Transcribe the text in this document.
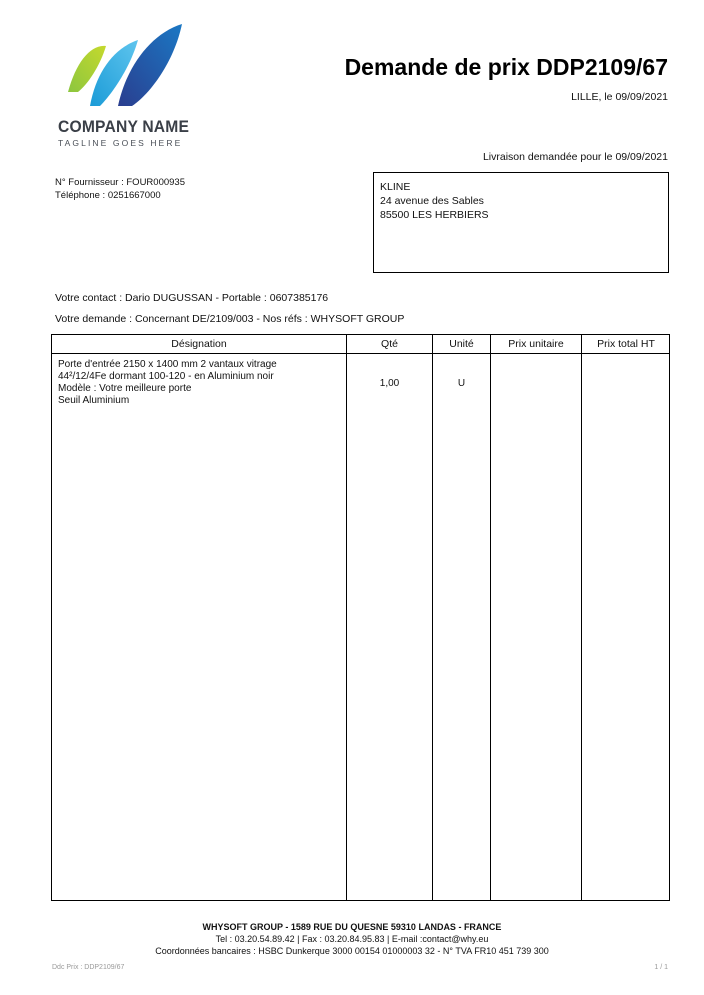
COMPANY NAME
TAGLINE GOES HERE
Demande de prix DDP2109/67
LILLE, le 09/09/2021
Livraison demandée pour le 09/09/2021
N° Fournisseur : FOUR000935
Téléphone : 0251667000
KLINE
24 avenue des Sables
85500 LES HERBIERS
Votre contact : Dario DUGUSSAN - Portable : 0607385176
Votre demande : Concernant DE/2109/003 - Nos réfs : WHYSOFT GROUP
Désignation	Qté	Unité	Prix unitaire	Prix total HT
Porte d'entrée 2150 x 1400 mm 2 vantaux vitrage
44²/12/4Fe dormant 100-120 - en Aluminium noir
Modèle : Votre meilleure porte
Seuil Aluminium
1,00	U
WHYSOFT GROUP - 1589 RUE DU QUESNE 59310 LANDAS - FRANCE
Tel : 03.20.54.89.42 | Fax : 03.20.84.95.83 | E-mail :contact@why.eu
Coordonnées bancaires : HSBC Dunkerque 3000 00154 01000003 32 - N° TVA FR10 451 739 300
Ddc Prix : DDP2109/67	1 / 1
